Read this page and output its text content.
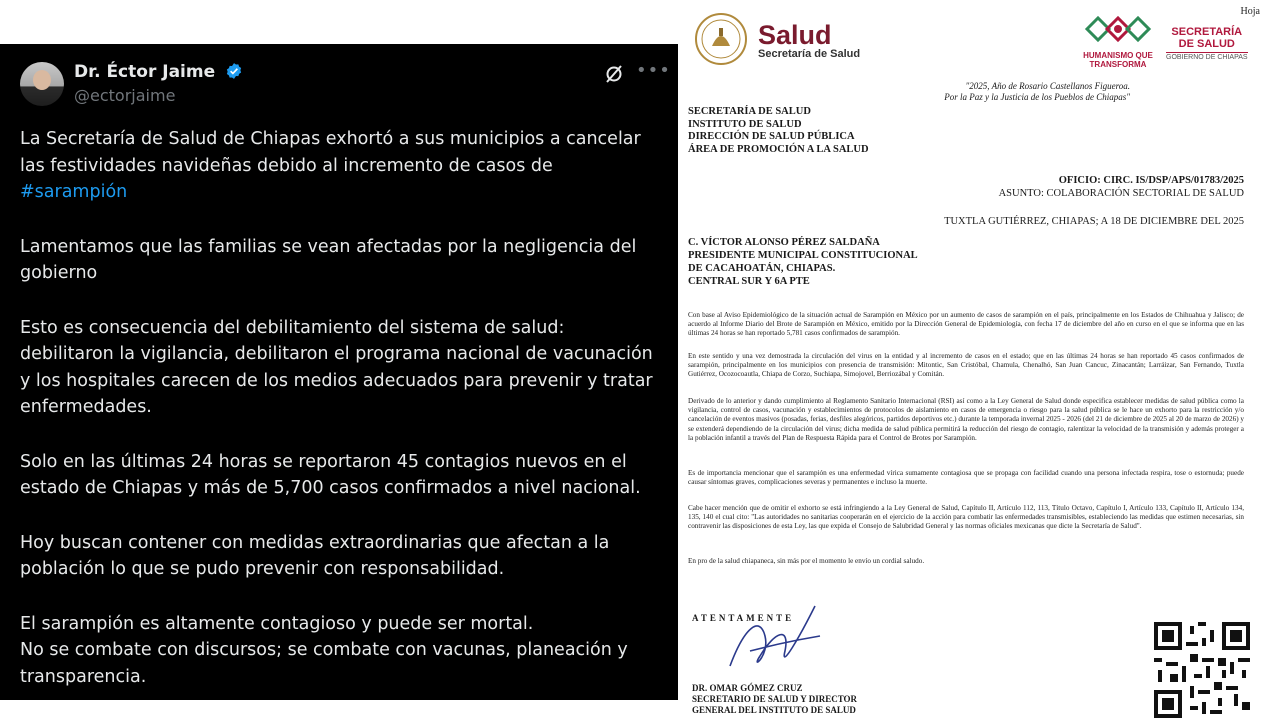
Dr. Éctor Jaime
@ectorjaime
•••

La Secretaría de Salud de Chiapas exhortó a sus municipios a cancelar las festividades navideñas debido al incremento de casos de
#sarampión

Lamentamos que las familias se vean afectadas por la negligencia del gobierno

Esto es consecuencia del debilitamiento del sistema de salud: debilitaron la vigilancia, debilitaron el programa nacional de vacunación y los hospitales carecen de los medios adecuados para prevenir y tratar enfermedades.

Solo en las últimas 24 horas se reportaron 45 contagios nuevos en el estado de Chiapas y más de 5,700 casos confirmados a nivel nacional.

Hoy buscan contener con medidas extraordinarias que afectan a la población lo que se pudo prevenir con responsabilidad.

El sarampión es altamente contagioso y puede ser mortal.
No se combate con discursos; se combate con vacunas, planeación y transparencia.

Hoja
Salud
Secretaría de Salud	HUMANISMO QUE TRANSFORMA
SECRETARÍA
DE SALUD
GOBIERNO DE CHIAPAS
"2025, Año de Rosario Castellanos Figueroa.
Por la Paz y la Justicia de los Pueblos de Chiapas"
SECRETARÍA DE SALUD
INSTITUTO DE SALUD
DIRECCIÓN DE SALUD PÚBLICA
ÁREA DE PROMOCIÓN A LA SALUD
OFICIO: CIRC. IS/DSP/APS/01783/2025
ASUNTO: COLABORACIÓN SECTORIAL DE SALUD
TUXTLA GUTIÉRREZ, CHIAPAS; A 18 DE DICIEMBRE DEL 2025
C. VÍCTOR ALONSO PÉREZ SALDAÑA
PRESIDENTE MUNICIPAL CONSTITUCIONAL
DE CACAHOATÁN, CHIAPAS.
CENTRAL SUR Y 6A PTE
Con base al Aviso Epidemiológico de la situación actual de Sarampión en México por un aumento de casos de sarampión en el país, principalmente en los Estados de Chihuahua y Jalisco; de acuerdo al Informe Diario del Brote de Sarampión en México, emitido por la Dirección General de Epidemiología, con fecha 17 de diciembre del año en curso en el que se informa que en las últimas 24 horas se han reportado 5,781 casos confirmados de sarampión.
En este sentido y una vez demostrada la circulación del virus en la entidad y al incremento de casos en el estado; que en las últimas 24 horas se han reportado 45 casos confirmados de sarampión, principalmente en los municipios con presencia de transmisión: Mitontic, San Cristóbal, Chamula, Chenalhó, San Juan Cancuc, Zinacantán; Larráizar, San Fernando, Tuxtla Gutiérrez, Ocozocoautla, Chiapa de Corzo, Suchiapa, Simojovel, Berriozábal y Comitán.
Derivado de lo anterior y dando cumplimiento al Reglamento Sanitario Internacional (RSI) así como a la Ley General de Salud donde especifica establecer medidas de salud pública como la vigilancia, control de casos, vacunación y establecimientos de protocolos de aislamiento en casos de emergencia o riesgo para la salud pública se le hace un exhorto para la restricción y/o cancelación de eventos masivos (posadas, ferias, desfiles alegóricos, partidos deportivos etc.) durante la temporada invernal 2025 - 2026 (del 21 de diciembre de 2025 al 20 de marzo de 2026) y se extenderá dependiendo de la circulación del virus; dicha medida de salud pública permitirá la reducción del riesgo de contagio, ralentizar la velocidad de la transmisión y además proteger a la población infantil a través del Plan de Respuesta Rápida para el Control de Brotes por Sarampión.
Es de importancia mencionar que el sarampión es una enfermedad vírica sumamente contagiosa que se propaga con facilidad cuando una persona infectada respira, tose o estornuda; puede causar síntomas graves, complicaciones severas y permanentes e incluso la muerte.
Cabe hacer mención que de omitir el exhorto se está infringiendo a la Ley General de Salud, Capítulo II, Artículo 112, 113, Título Octavo, Capítulo I, Artículo 133, Capítulo II, Artículo 134, 135, 140 el cual cito: "Las autoridades no sanitarias cooperarán en el ejercicio de la acción para combatir las enfermedades transmisibles, estableciendo las medidas que estimen necesarias, sin contravenir las disposiciones de esta Ley, las que expida el Consejo de Salubridad General y las normas oficiales mexicanas que dicte la Secretaría de Salud".
En pro de la salud chiapaneca, sin más por el momento le envío un cordial saludo.
ATENTAMENTE
DR. OMAR GÓMEZ CRUZ
SECRETARIO DE SALUD Y DIRECTOR
GENERAL DEL INSTITUTO DE SALUD
